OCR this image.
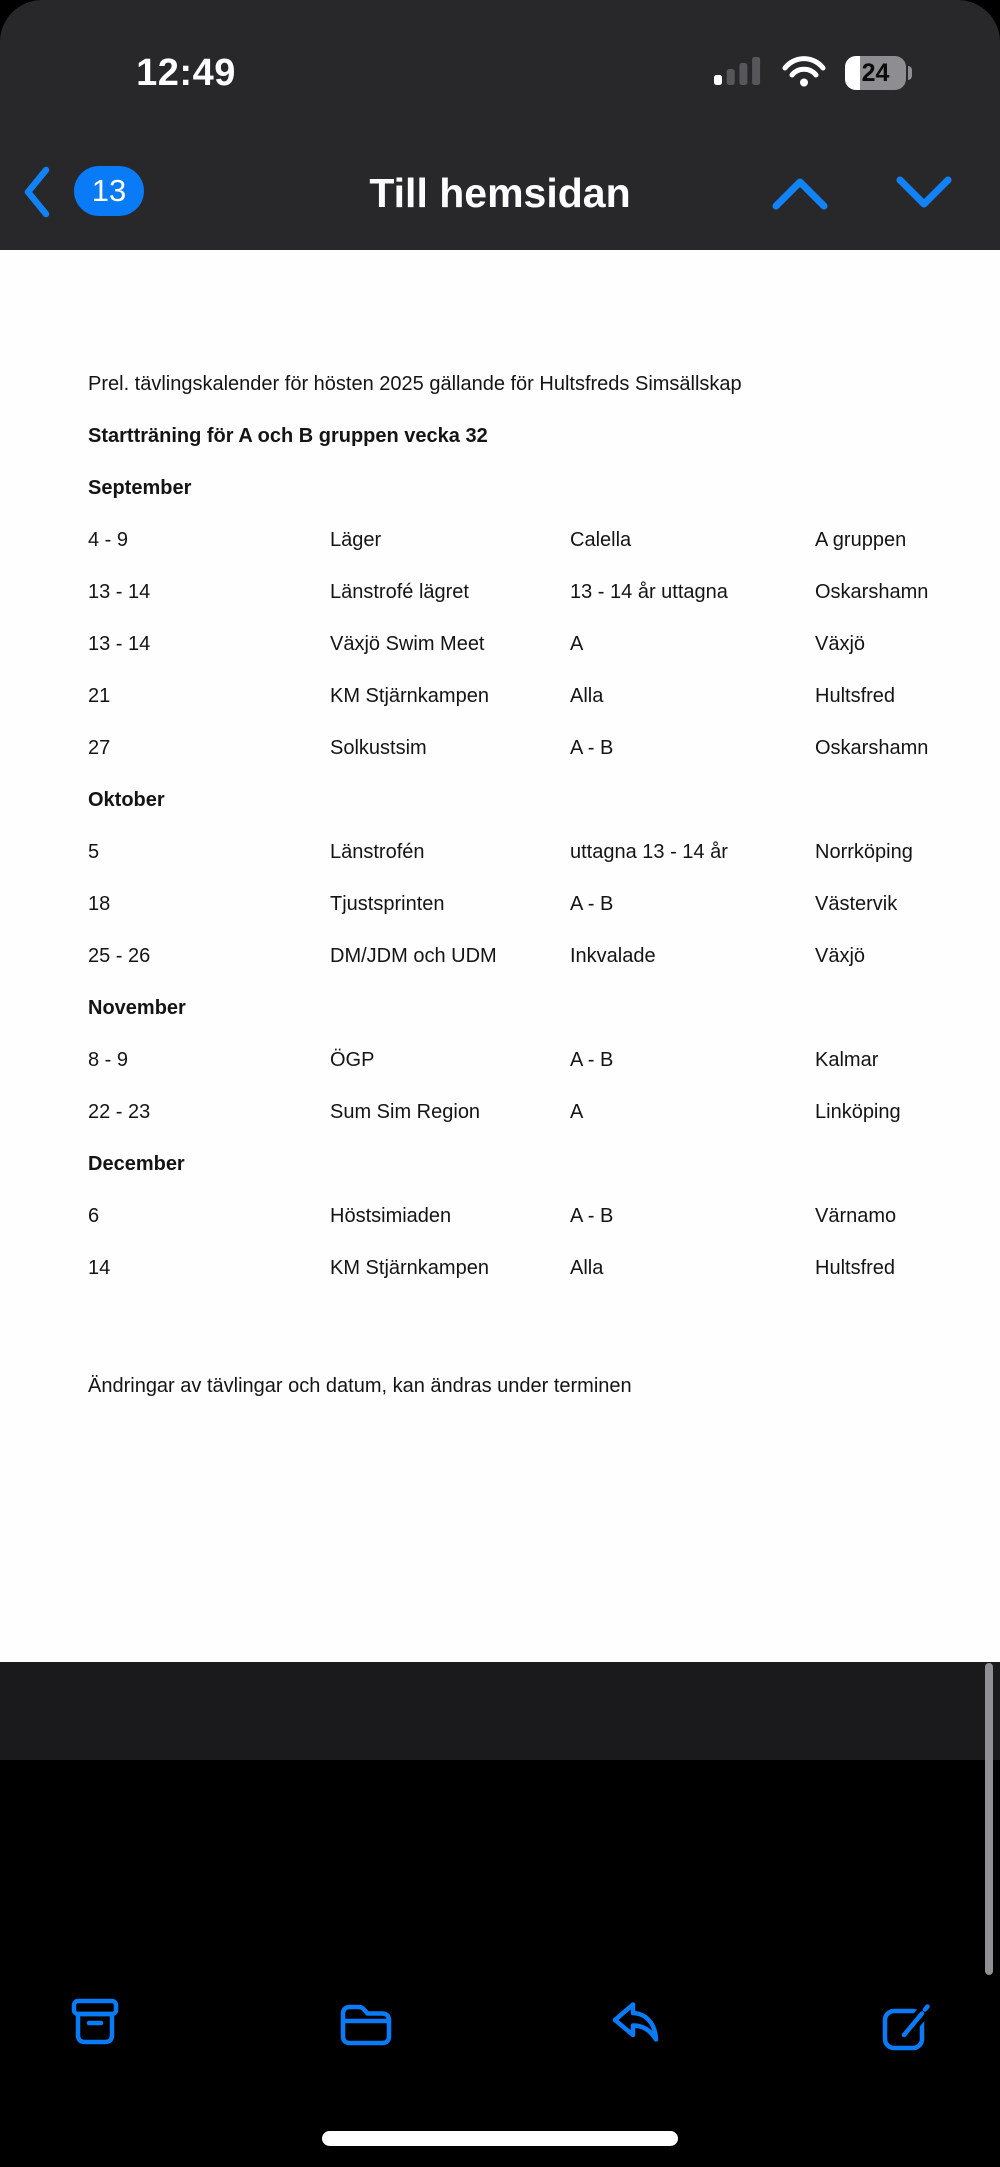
12:49	24
13	Till hemsidan
Prel. tävlingskalender för hösten 2025 gällande för Hultsfreds Simsällskap
Startträning för A och B gruppen vecka 32
September
4 - 9	Läger	Calella	A gruppen
13 - 14	Länstrofé lägret	13 - 14 år uttagna	Oskarshamn
13 - 14	Växjö Swim Meet	A	Växjö
21	KM Stjärnkampen	Alla	Hultsfred
27	Solkustsim	A - B	Oskarshamn
Oktober
5	Länstrofén	uttagna 13 - 14 år	Norrköping
18	Tjustsprinten	A - B	Västervik
25 - 26	DM/JDM och UDM	Inkvalade	Växjö
November
8 - 9	ÖGP	A - B	Kalmar
22 - 23	Sum Sim Region	A	Linköping
December
6	Höstsimiaden	A - B	Värnamo
14	KM Stjärnkampen	Alla	Hultsfred
Ändringar av tävlingar och datum, kan ändras under terminen
